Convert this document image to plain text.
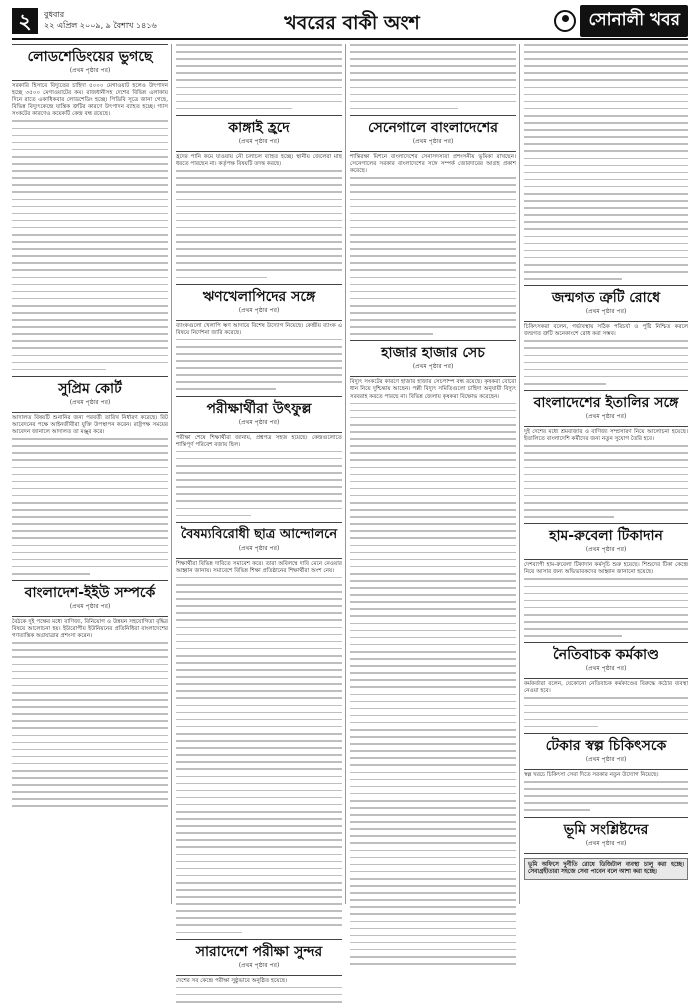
২	বুধবার
২২ এপ্রিল ২০০৯, ৯ বৈশাখ ১৪১৬	খবরের বাকী অংশ	সোনালী খবর
লোডশেডিংয়ের ভুগছে
(প্রথম পৃষ্ঠার পর)
সরকারি হিসাবে বিদ্যুতের চাহিদা ৫০০০ মেগাওয়াট হলেও উৎপাদন হচ্ছে ৩৫০০ মেগাওয়াটের কম। রাজধানীসহ দেশের বিভিন্ন এলাকায় দিনে রাতে একাধিকবার লোডশেডিং হচ্ছে। পিডিবি সূত্রে জানা গেছে, বিভিন্ন বিদ্যুৎকেন্দ্রে যান্ত্রিক ত্রুটির কারণে উৎপাদন ব্যাহত হচ্ছে। গ্যাস সংকটের কারণেও কয়েকটি কেন্দ্র বন্ধ রয়েছে।
সুপ্রিম কোর্ট
(প্রথম পৃষ্ঠার পর)
আদালত বিষয়টি শুনানির জন্য পরবর্তী তারিখ নির্ধারণ করেছে। রিট আবেদনের পক্ষে আইনজীবীরা যুক্তি উপস্থাপন করেন। রাষ্ট্রপক্ষ সময়ের আবেদন জানালে আদালত তা মঞ্জুর করে।
বাংলাদেশ-ইইউ সম্পর্কে
(প্রথম পৃষ্ঠার পর)
বৈঠকে দুই পক্ষের মধ্যে বাণিজ্য, বিনিয়োগ ও উন্নয়ন সহযোগিতা বৃদ্ধির বিষয়ে আলোচনা হয়। ইউরোপীয় ইউনিয়নের প্রতিনিধিরা বাংলাদেশের গণতান্ত্রিক অগ্রযাত্রার প্রশংসা করেন।
কাঙ্গাই হ্রদে
(প্রথম পৃষ্ঠার পর)
হ্রদের পানি কমে যাওয়ায় নৌ চলাচল ব্যাহত হচ্ছে। স্থানীয় জেলেরা মাছ ধরতে পারছেন না। কর্তৃপক্ষ বিষয়টি তদন্ত করছে।
ঋণখেলাপিদের সঙ্গে
(প্রথম পৃষ্ঠার পর)
ব্যাংকগুলো খেলাপি ঋণ আদায়ে বিশেষ উদ্যোগ নিয়েছে। কেন্দ্রীয় ব্যাংক এ বিষয়ে নির্দেশনা জারি করেছে।
পরীক্ষার্থীরা উৎফুল্ল
(প্রথম পৃষ্ঠার পর)
পরীক্ষা শেষে শিক্ষার্থীরা জানায়, প্রশ্নপত্র সহজ হয়েছে। কেন্দ্রগুলোতে শান্তিপূর্ণ পরিবেশ বজায় ছিল।
বৈষম্যবিরোধী ছাত্র আন্দোলনে
(প্রথম পৃষ্ঠার পর)
শিক্ষার্থীরা বিভিন্ন দাবিতে সমাবেশ করে। তারা অবিলম্বে দাবি মেনে নেওয়ার আহ্বান জানায়। সমাবেশে বিভিন্ন শিক্ষা প্রতিষ্ঠানের শিক্ষার্থীরা অংশ নেয়।
সারাদেশে পরীক্ষা সুন্দর
(প্রথম পৃষ্ঠার পর)
দেশের সব কেন্দ্রে পরীক্ষা সুষ্ঠুভাবে অনুষ্ঠিত হয়েছে।
সেনেগালে বাংলাদেশের
(প্রথম পৃষ্ঠার পর)
শান্তিরক্ষা মিশনে বাংলাদেশের সেনাসদস্যরা প্রশংসনীয় ভূমিকা রাখছেন। সেনেগালের সরকার বাংলাদেশের সঙ্গে সম্পর্ক জোরদারের আগ্রহ প্রকাশ করেছে।
হাজার হাজার সেচ
(প্রথম পৃষ্ঠার পর)
বিদ্যুৎ সংকটের কারণে হাজার হাজার সেচপাম্প বন্ধ রয়েছে। কৃষকরা বোরো ধান নিয়ে দুশ্চিন্তায় আছেন। পল্লী বিদ্যুৎ সমিতিগুলো চাহিদা অনুযায়ী বিদ্যুৎ সরবরাহ করতে পারছে না। বিভিন্ন জেলায় কৃষকরা বিক্ষোভ করেছেন।
জন্মগত ত্রুটি রোধে
(প্রথম পৃষ্ঠার পর)
চিকিৎসকরা বলেন, গর্ভাবস্থায় সঠিক পরিচর্যা ও পুষ্টি নিশ্চিত করলে জন্মগত ত্রুটি অনেকাংশে রোধ করা সম্ভব।
বাংলাদেশের ইতালির সঙ্গে
(প্রথম পৃষ্ঠার পর)
দুই দেশের মধ্যে শ্রমবাজার ও বাণিজ্য সম্প্রসারণ নিয়ে আলোচনা হয়েছে। ইতালিতে বাংলাদেশি কর্মীদের জন্য নতুন সুযোগ তৈরি হবে।
হাম-রুবেলা টিকাদান
(প্রথম পৃষ্ঠার পর)
দেশব্যাপী হাম-রুবেলা টিকাদান কর্মসূচি শুরু হয়েছে। শিশুদের টিকা কেন্দ্রে নিয়ে আসার জন্য অভিভাবকদের আহ্বান জানানো হয়েছে।
নৈতিবাচক কর্মকাণ্ড
(প্রথম পৃষ্ঠার পর)
কর্মকর্তারা বলেন, যেকোনো নেতিবাচক কর্মকাণ্ডের বিরুদ্ধে কঠোর ব্যবস্থা নেওয়া হবে।
টেকার স্বল্প চিকিৎসকে
(প্রথম পৃষ্ঠার পর)
স্বল্প খরচে চিকিৎসা সেবা দিতে সরকার নতুন উদ্যোগ নিয়েছে।
ভূমি সংশ্লিষ্টদের
(প্রথম পৃষ্ঠার পর)
ভূমি অফিসে দুর্নীতি রোধে ডিজিটাল ব্যবস্থা চালু করা হচ্ছে। সেবাগ্রহীতারা সহজে সেবা পাবেন বলে আশা করা হচ্ছে।
